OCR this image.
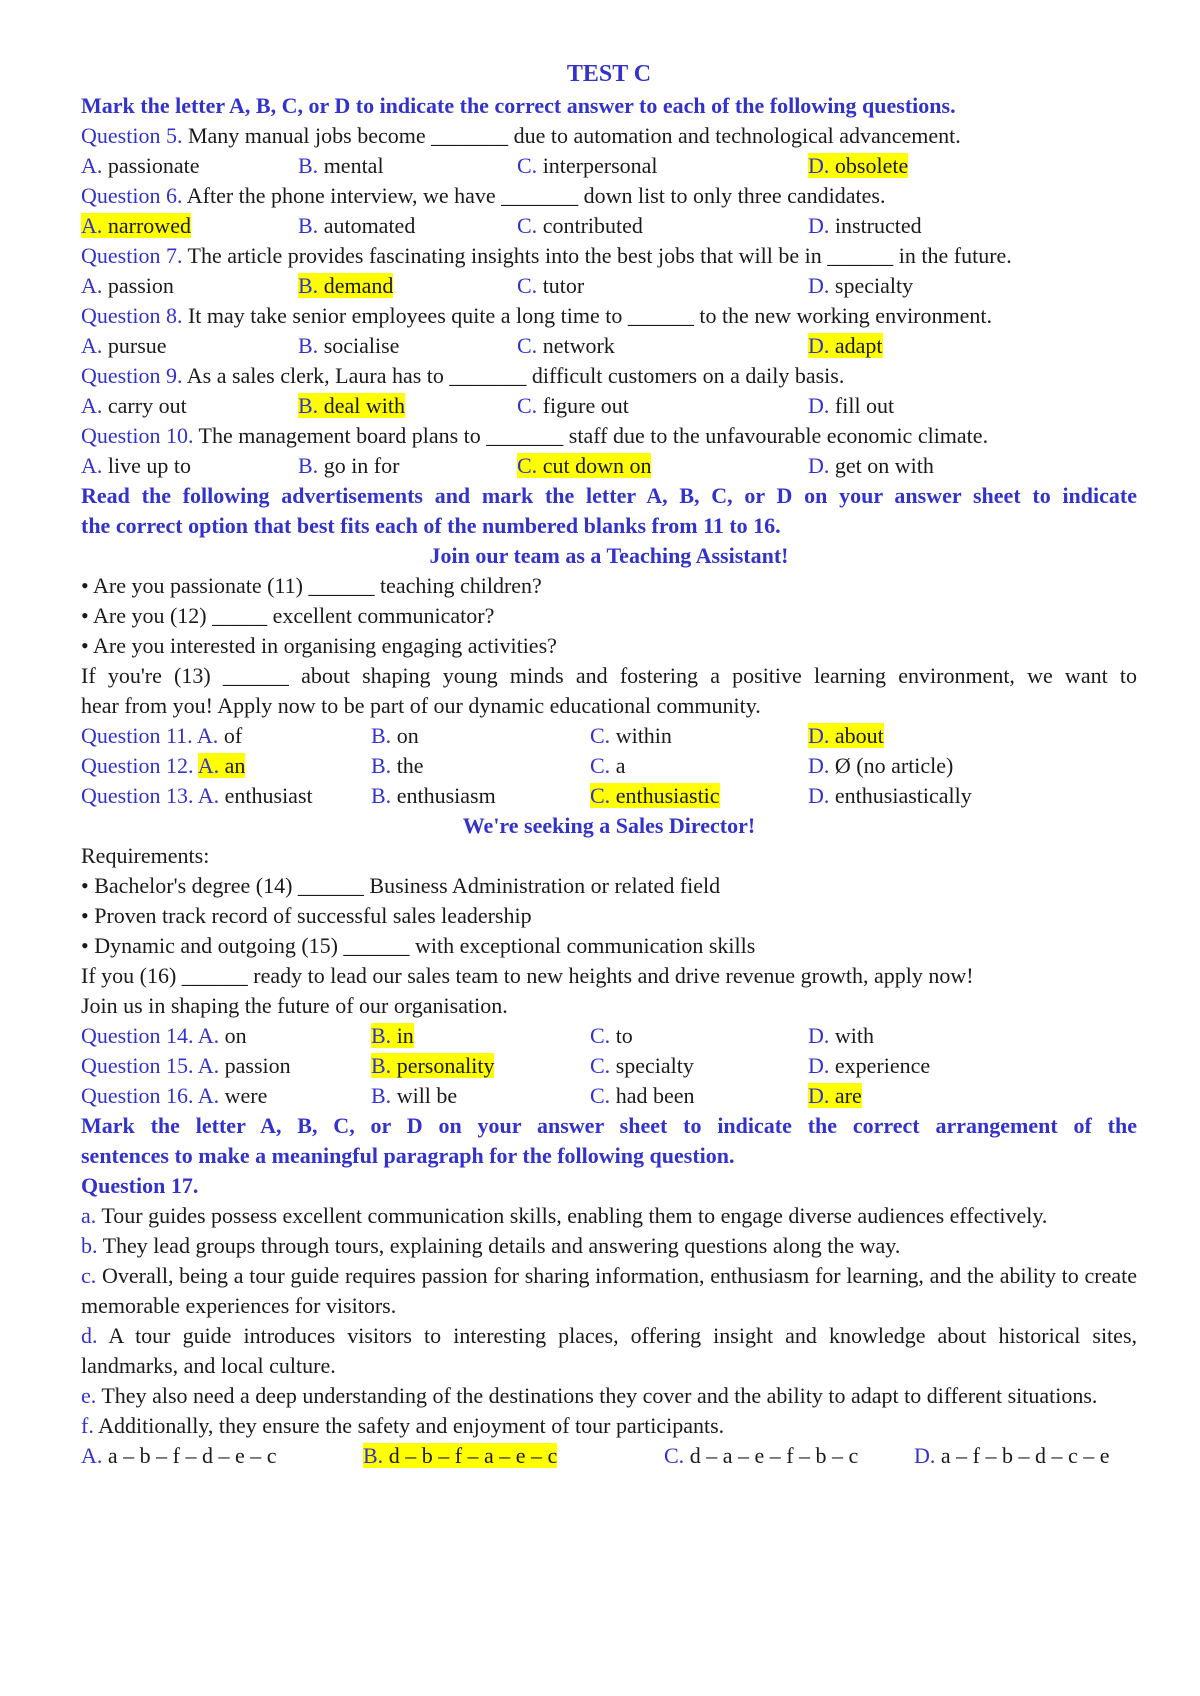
TEST C
Mark the letter A, B, C, or D to indicate the correct answer to each of the following questions.
Question 5. Many manual jobs become _______ due to automation and technological advancement.
A. passionate	B. mental	C. interpersonal	D. obsolete
Question 6. After the phone interview, we have _______ down list to only three candidates.
A. narrowed	B. automated	C. contributed	D. instructed
Question 7. The article provides fascinating insights into the best jobs that will be in ______ in the future.
A. passion	B. demand	C. tutor	D. specialty
Question 8. It may take senior employees quite a long time to ______ to the new working environment.
A. pursue	B. socialise	C. network	D. adapt
Question 9. As a sales clerk, Laura has to _______ difficult customers on a daily basis.
A. carry out	B. deal with	C. figure out	D. fill out
Question 10. The management board plans to _______ staff due to the unfavourable economic climate.
A. live up to	B. go in for	C. cut down on	D. get on with
Read the following advertisements and mark the letter A, B, C, or D on your answer sheet to indicate
the correct option that best fits each of the numbered blanks from 11 to 16.
Join our team as a Teaching Assistant!
• Are you passionate (11) ______ teaching children?
• Are you (12) _____ excellent communicator?
• Are you interested in organising engaging activities?
If you're (13) ______ about shaping young minds and fostering a positive learning environment, we want to
hear from you! Apply now to be part of our dynamic educational community.
Question 11. A. of	B. on	C. within	D. about
Question 12. A. an	B. the	C. a	D. Ø (no article)
Question 13. A. enthusiast	B. enthusiasm	C. enthusiastic	D. enthusiastically
We're seeking a Sales Director!
Requirements:
• Bachelor's degree (14) ______ Business Administration or related field
• Proven track record of successful sales leadership
• Dynamic and outgoing (15) ______ with exceptional communication skills
If you (16) ______ ready to lead our sales team to new heights and drive revenue growth, apply now!
Join us in shaping the future of our organisation.
Question 14. A. on	B. in	C. to	D. with
Question 15. A. passion	B. personality	C. specialty	D. experience
Question 16. A. were	B. will be	C. had been	D. are
Mark the letter A, B, C, or D on your answer sheet to indicate the correct arrangement of the
sentences to make a meaningful paragraph for the following question.
Question 17.
a. Tour guides possess excellent communication skills, enabling them to engage diverse audiences effectively.
b. They lead groups through tours, explaining details and answering questions along the way.
c. Overall, being a tour guide requires passion for sharing information, enthusiasm for learning, and the ability to create memorable experiences for visitors.
d. A tour guide introduces visitors to interesting places, offering insight and knowledge about historical sites, landmarks, and local culture.
e. They also need a deep understanding of the destinations they cover and the ability to adapt to different situations.
f. Additionally, they ensure the safety and enjoyment of tour participants.
A. a – b – f – d – e – c	B. d – b – f – a – e – c	C. d – a – e – f – b – c	D. a – f – b – d – c – e
